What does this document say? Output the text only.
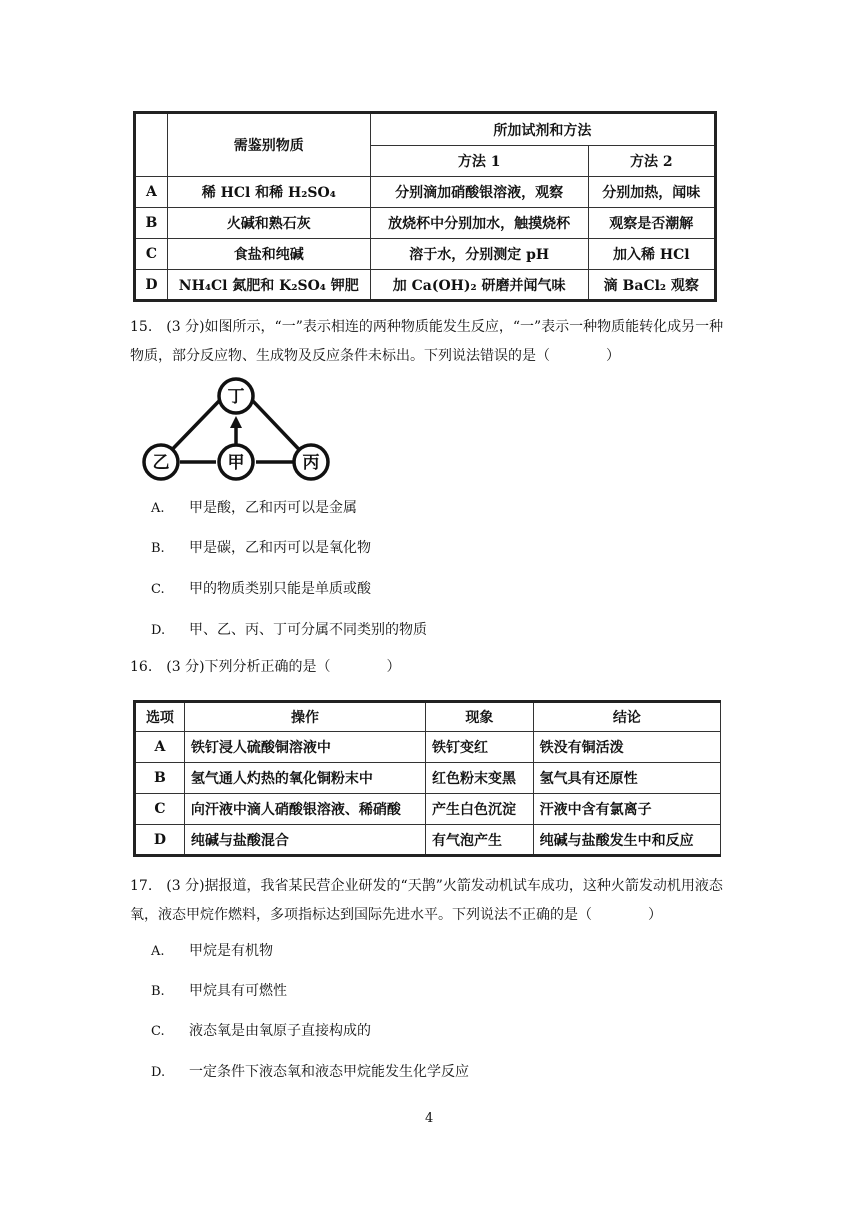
	需鉴别物质	所加试剂和方法	
		方法 1	方法 2
A	稀 HCl 和稀 H₂SO₄	分别滴加硝酸银溶液，观察	分别加热，闻味
B	火碱和熟石灰	放烧杯中分别加水，触摸烧杯	观察是否潮解
C	食盐和纯碱	溶于水，分别测定 pH	加入稀 HCl
D	NH₄Cl 氮肥和 K₂SO₄ 钾肥	加 Ca(OH)₂ 研磨并闻气味	滴 BaCl₂ 观察
15.　(3 分)如图所示，“一”表示相连的两种物质能发生反应，“一”表示一种物质能转化成另一种物质，部分反应物、生成物及反应条件未标出。下列说法错误的是（　　　　）
丁
乙	甲	丙
A. 甲是酸，乙和丙可以是金属
B. 甲是碳，乙和丙可以是氧化物
C. 甲的物质类别只能是单质或酸
D. 甲、乙、丙、丁可分属不同类别的物质
16.　(3 分)下列分析正确的是（　　　　）
选项	操作	现象	结论
A	铁钉浸人硫酸铜溶液中	铁钉变红	铁没有铜活泼
B	氢气通人灼热的氧化铜粉末中	红色粉末变黑	氢气具有还原性
C	向汗液中滴人硝酸银溶液、稀硝酸	产生白色沉淀	汗液中含有氯离子
D	纯碱与盐酸混合	有气泡产生	纯碱与盐酸发生中和反应
17.　(3 分)据报道，我省某民营企业研发的“天鹊”火箭发动机试车成功，这种火箭发动机用液态氧，液态甲烷作燃料，多项指标达到国际先进水平。下列说法不正确的是（　　　　）
A. 甲烷是有机物
B. 甲烷具有可燃性
C. 液态氧是由氧原子直接构成的
D. 一定条件下液态氧和液态甲烷能发生化学反应
4
